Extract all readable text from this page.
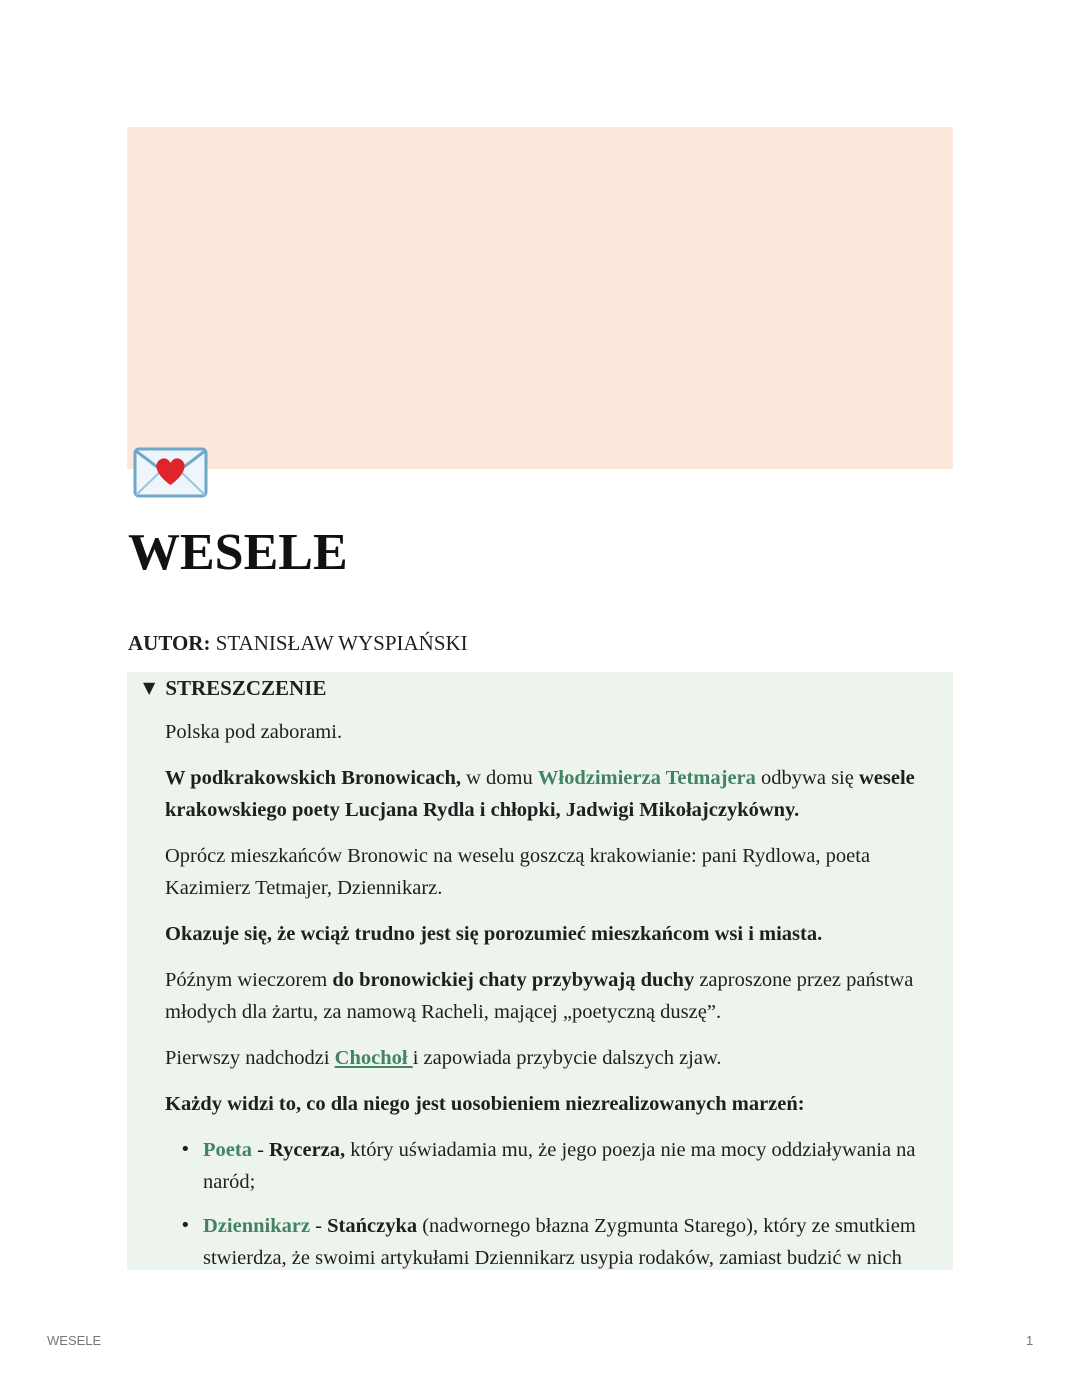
WESELE
AUTOR: STANISŁAW WYSPIAŃSKI
▼ STRESZCZENIE

Polska pod zaborami.

W podkrakowskich Bronowicach, w domu Włodzimierza Tetmajera odbywa się wesele krakowskiego poety Lucjana Rydla i chłopki, Jadwigi Mikołajczykówny.

Oprócz mieszkańców Bronowic na weselu goszczą krakowianie: pani Rydlowa, poeta Kazimierz Tetmajer, Dziennikarz.

Okazuje się, że wciąż trudno jest się porozumieć mieszkańcom wsi i miasta.

Późnym wieczorem do bronowickiej chaty przybywają duchy zaproszone przez państwa młodych dla żartu, za namową Racheli, mającej „poetyczną duszę”.

Pierwszy nadchodzi Chochoł i zapowiada przybycie dalszych zjaw.

Każdy widzi to, co dla niego jest uosobieniem niezrealizowanych marzeń:

• Poeta - Rycerza, który uświadamia mu, że jego poezja nie ma mocy oddziaływania na naród;
• Dziennikarz - Stańczyka (nadwornego błazna Zygmunta Starego), który ze smutkiem stwierdza, że swoimi artykułami Dziennikarz usypia rodaków, zamiast budzić w nich
WESELE	1
